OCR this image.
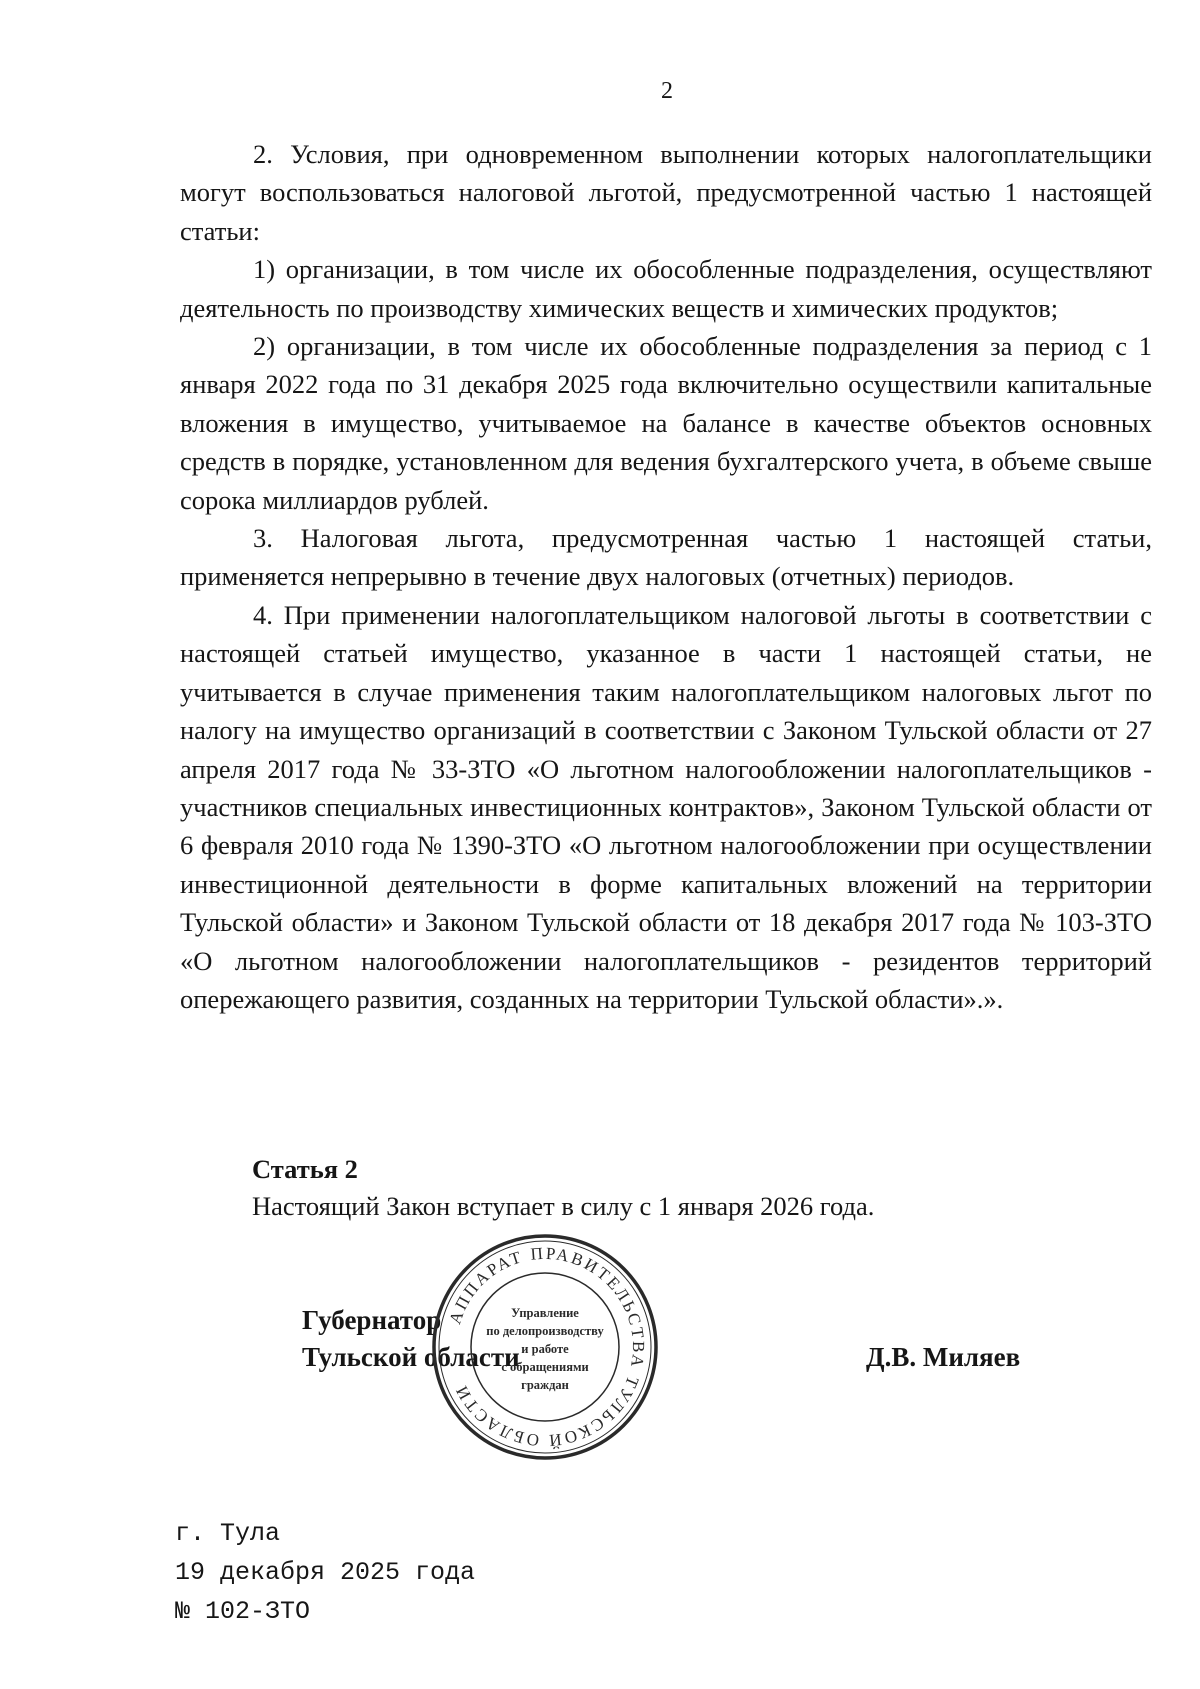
2

2. Условия, при одновременном выполнении которых налогоплательщики могут воспользоваться налоговой льготой, предусмотренной частью 1 настоящей статьи:

1) организации, в том числе их обособленные подразделения, осуществляют деятельность по производству химических веществ и химических продуктов;

2) организации, в том числе их обособленные подразделения за период с 1 января 2022 года по 31 декабря 2025 года включительно осуществили капитальные вложения в имущество, учитываемое на балансе в качестве объектов основных средств в порядке, установленном для ведения бухгалтерского учета, в объеме свыше сорока миллиардов рублей.

3. Налоговая льгота, предусмотренная частью 1 настоящей статьи, применяется непрерывно в течение двух налоговых (отчетных) периодов.

4. При применении налогоплательщиком налоговой льготы в соответствии с настоящей статьей имущество, указанное в части 1 настоящей статьи, не учитывается в случае применения таким налогоплательщиком налоговых льгот по налогу на имущество организаций в соответствии с Законом Тульской области от 27 апреля 2017 года № 33-ЗТО «О льготном налогообложении налогоплательщиков - участников специальных инвестиционных контрактов», Законом Тульской области от 6 февраля 2010 года № 1390-ЗТО «О льготном налогообложении при осуществлении инвестиционной деятельности в форме капитальных вложений на территории Тульской области» и Законом Тульской области от 18 декабря 2017 года № 103-ЗТО «О льготном налогообложении налогоплательщиков - резидентов территорий опережающего развития, созданных на территории Тульской области».».

Статья 2
Настоящий Закон вступает в силу с 1 января 2026 года.
Губернатор
Тульской области	Д.В. Миляев
АППАРАТ ПРАВИТЕЛЬСТВА ТУЛЬСКОЙ ОБЛАСТИ
Управление
по делопроизводству
и работе
с обращениями
граждан
г. Тула
19 декабря 2025 года
№ 102-ЗТО
